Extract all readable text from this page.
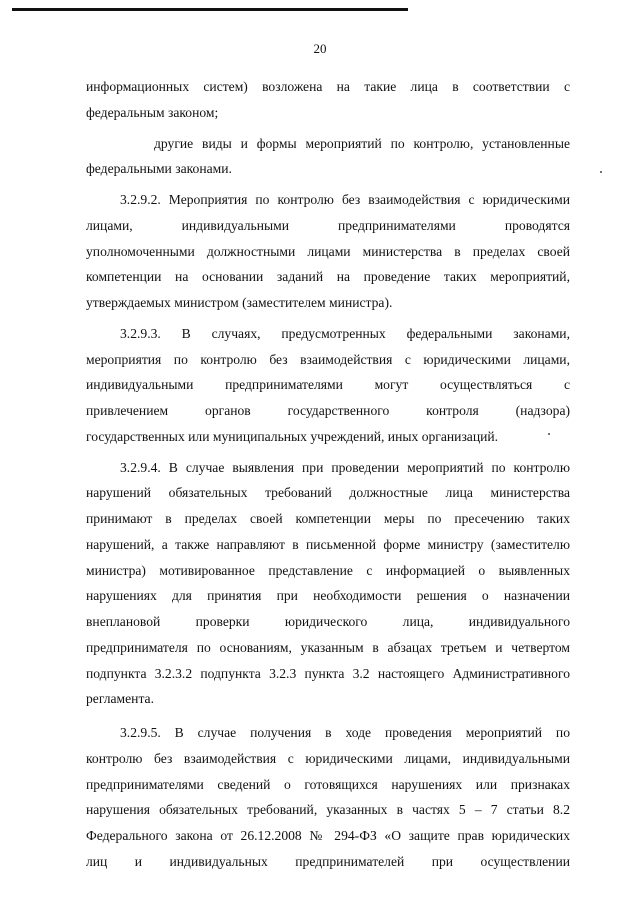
20

информационных систем) возложена на такие лица в соответствии с
федеральным законом;

другие виды и формы мероприятий по контролю, установленные
федеральными законами.

3.2.9.2. Мероприятия по контролю без взаимодействия с юридическими
лицами, индивидуальными предпринимателями проводятся
уполномоченными должностными лицами министерства в пределах своей
компетенции на основании заданий на проведение таких мероприятий,
утверждаемых министром (заместителем министра).

3.2.9.3. В случаях, предусмотренных федеральными законами,
мероприятия по контролю без взаимодействия с юридическими лицами,
индивидуальными предпринимателями могут осуществляться с
привлечением органов государственного контроля (надзора)
государственных или муниципальных учреждений, иных организаций.

3.2.9.4. В случае выявления при проведении мероприятий по контролю
нарушений обязательных требований должностные лица министерства
принимают в пределах своей компетенции меры по пресечению таких
нарушений, а также направляют в письменной форме министру (заместителю
министра) мотивированное представление с информацией о выявленных
нарушениях для принятия при необходимости решения о назначении
внеплановой проверки юридического лица, индивидуального
предпринимателя по основаниям, указанным в абзацах третьем и четвертом
подпункта 3.2.3.2 подпункта 3.2.3 пункта 3.2 настоящего Административного
регламента.

3.2.9.5. В случае получения в ходе проведения мероприятий по
контролю без взаимодействия с юридическими лицами, индивидуальными
предпринимателями сведений о готовящихся нарушениях или признаках
нарушения обязательных требований, указанных в частях 5 – 7 статьи 8.2
Федерального закона от 26.12.2008 № 294-ФЗ «О защите прав юридических
лиц и индивидуальных предпринимателей при осуществлении
